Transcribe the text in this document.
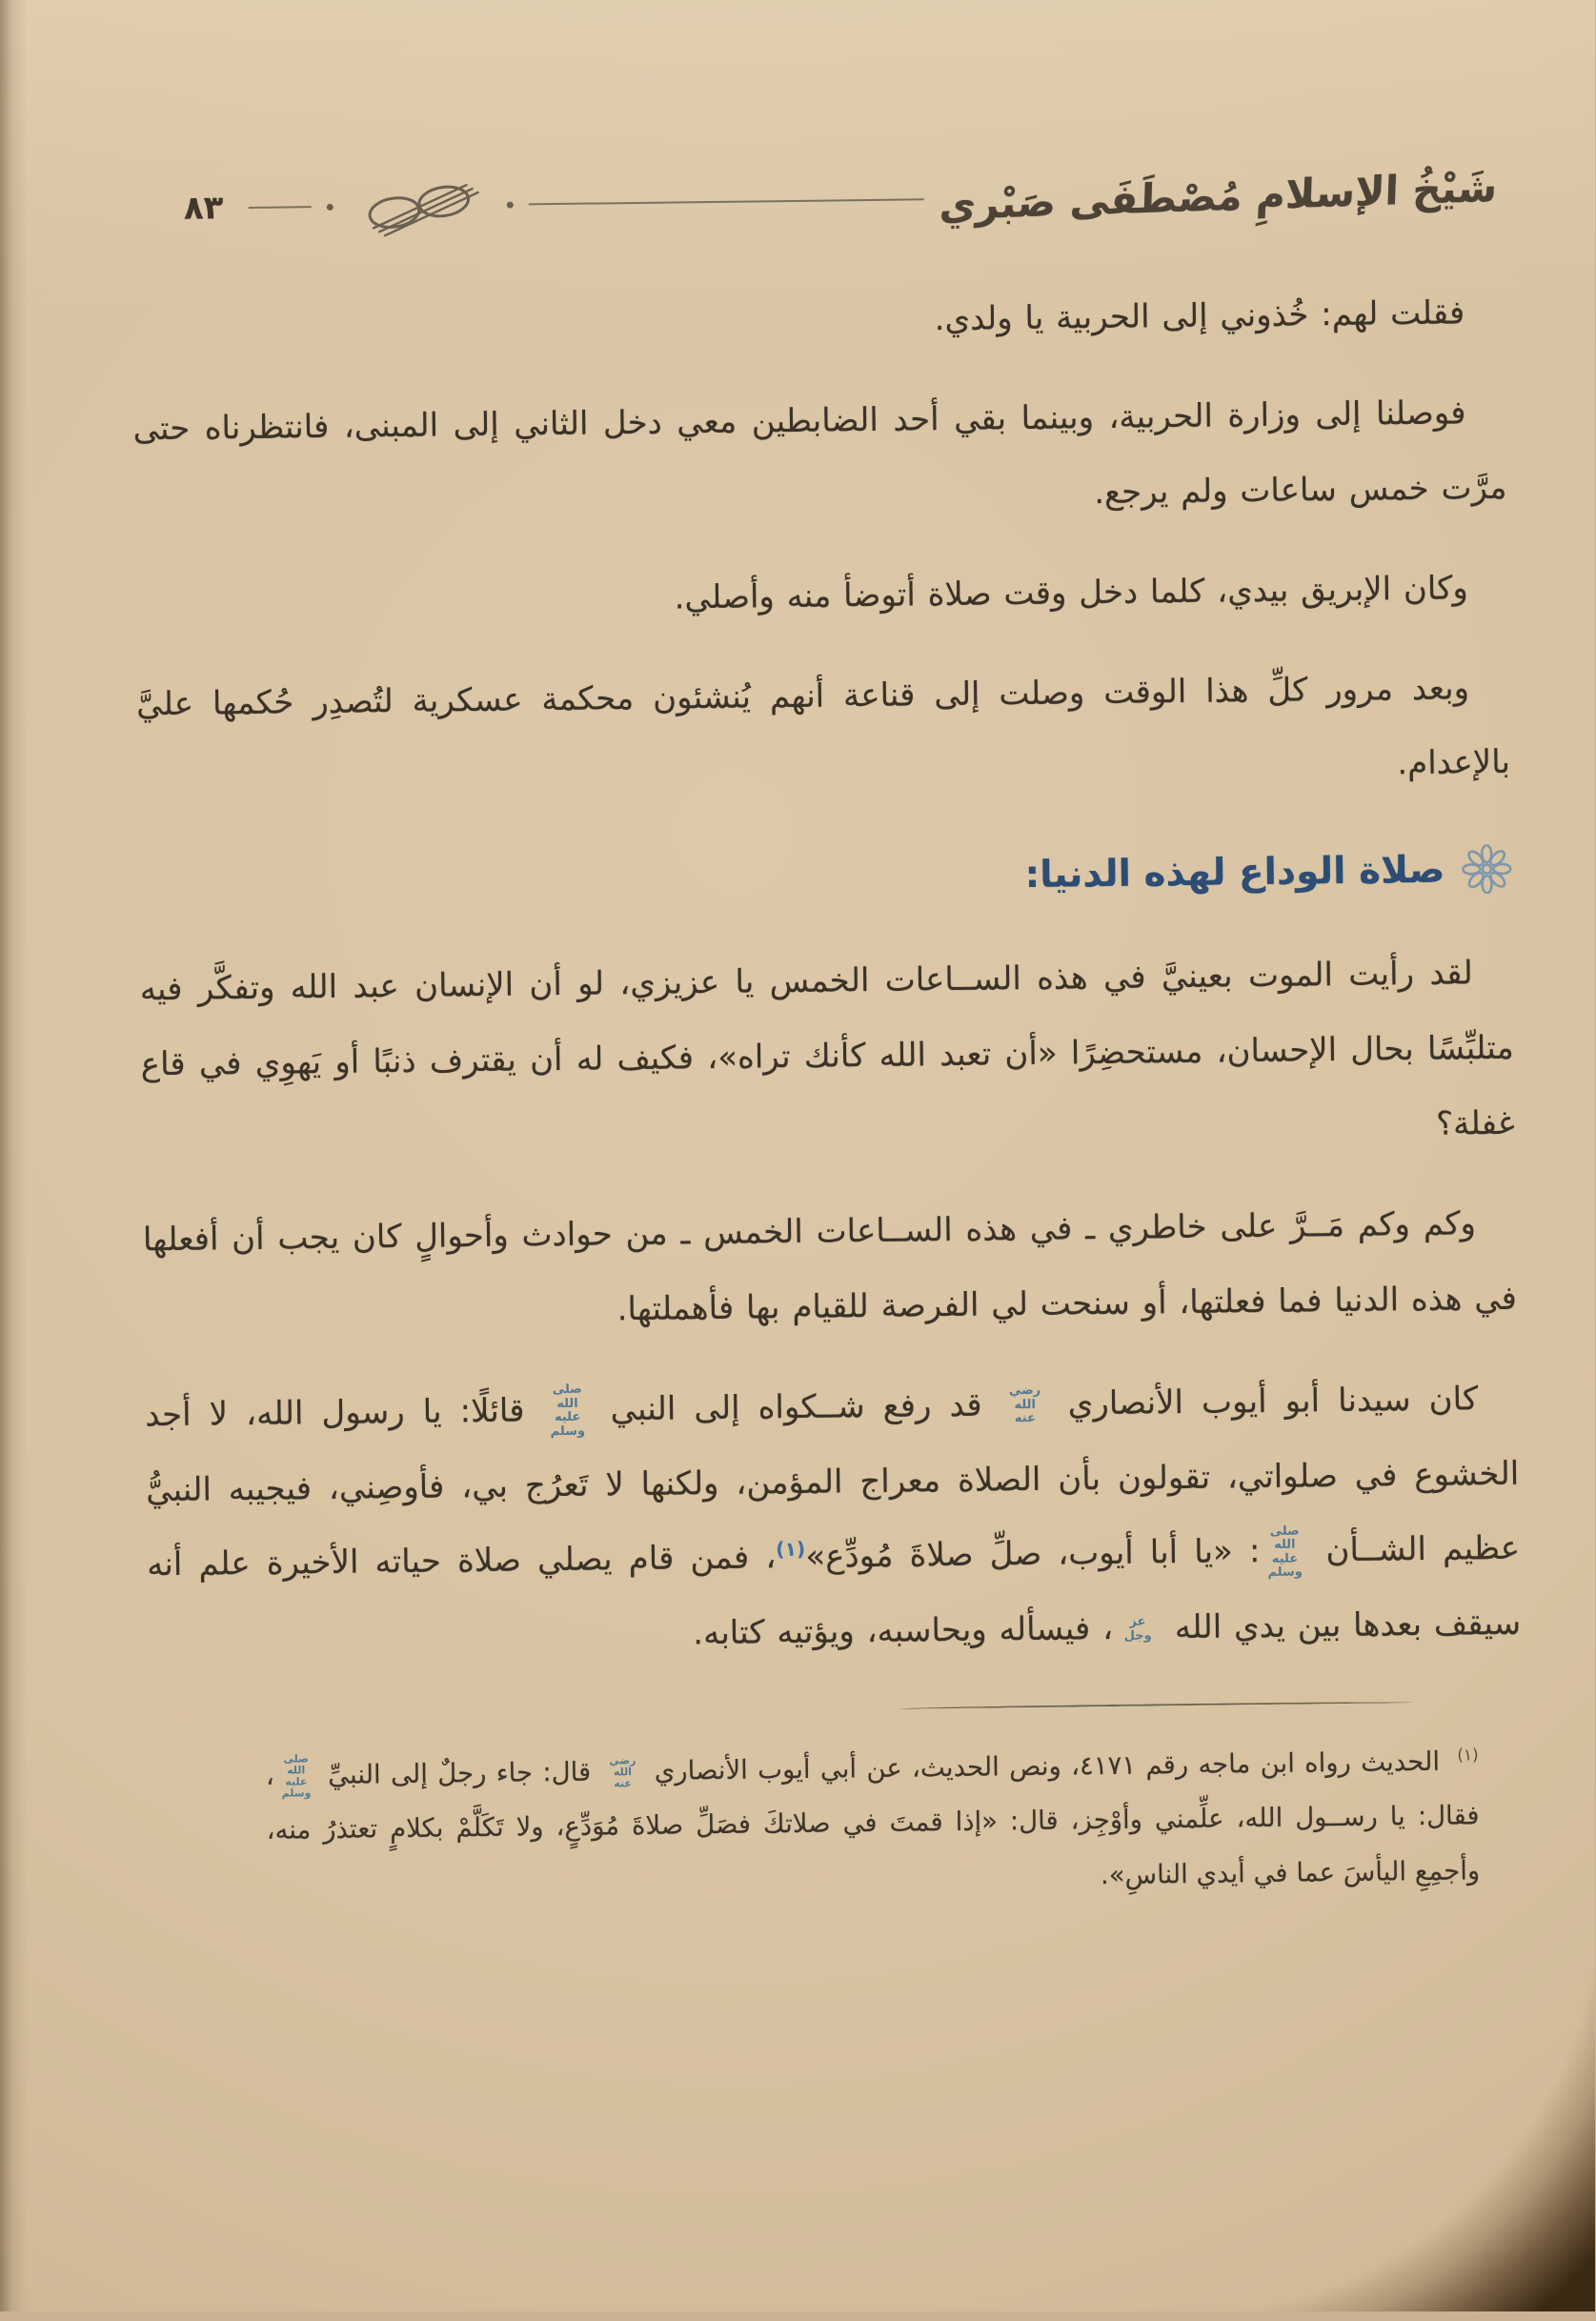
شَيْخُ الإسلامِ مُصْطَفَى صَبْري
٨٣

فقلت لهم: خُذوني إلى الحربية يا ولدي.

فوصلنا إلى وزارة الحربية، وبينما بقي أحد الضابطين معي دخل الثاني إلى المبنى، فانتظرناه حتى مرَّت خمس ساعات ولم يرجع.

وكان الإبريق بيدي، كلما دخل وقت صلاة أتوضأ منه وأصلي.

وبعد مرور كلِّ هذا الوقت وصلت إلى قناعة أنهم يُنشئون محكمة عسكرية لتُصدِر حُكمها عليَّ بالإعدام.

صلاة الوداع لهذه الدنيا:

لقد رأيت الموت بعينيَّ في هذه الســاعات الخمس يا عزيزي، لو أن الإنسان عبد الله وتفكَّر فيه متلبِّسًا بحال الإحسان، مستحضِرًا «أن تعبد الله كأنك تراه»، فكيف له أن يقترف ذنبًا أو يَهوِي في قاع غفلة؟

وكم وكم مَــرَّ على خاطري ـ في هذه الســاعات الخمس ـ من حوادث وأحوالٍ كان يجب أن أفعلها في هذه الدنيا فما فعلتها، أو سنحت لي الفرصة للقيام بها فأهملتها.

كان سيدنا أبو أيوب الأنصاري رضي الله عنه قد رفع شــكواه إلى النبي صلى الله عليه وسلم قائلًا: يا رسول الله، لا أجد الخشوع في صلواتي، تقولون بأن الصلاة معراج المؤمن، ولكنها لا تَعرُج بي، فأوصِني، فيجيبه النبيُّ عظيم الشــأن صلى الله عليه وسلم: «يا أبا أيوب، صلِّ صلاةَ مُودِّع»$^{(١)}$، فمن قام يصلي صلاة حياته الأخيرة علم أنه سيقف بعدها بين يدي الله عز وجل، فيسأله ويحاسبه، ويؤتيه كتابه.

$^{(١)}$ الحديث رواه ابن ماجه رقم ٤١٧١، ونص الحديث، عن أبي أيوب الأنصاري رضي الله عنه قال: جاء رجلٌ إلى النبيِّ صلى الله عليه وسلم، فقال: يا رســول الله، علِّمني وأوْجِز، قال: «إذا قمتَ في صلاتكَ فصَلِّ صلاةَ مُوَدِّعٍ، ولا تَكَلَّمْ بكلامٍ تعتذرُ منه، وأجمِعِ اليأسَ عما في أيدي الناسِ».
